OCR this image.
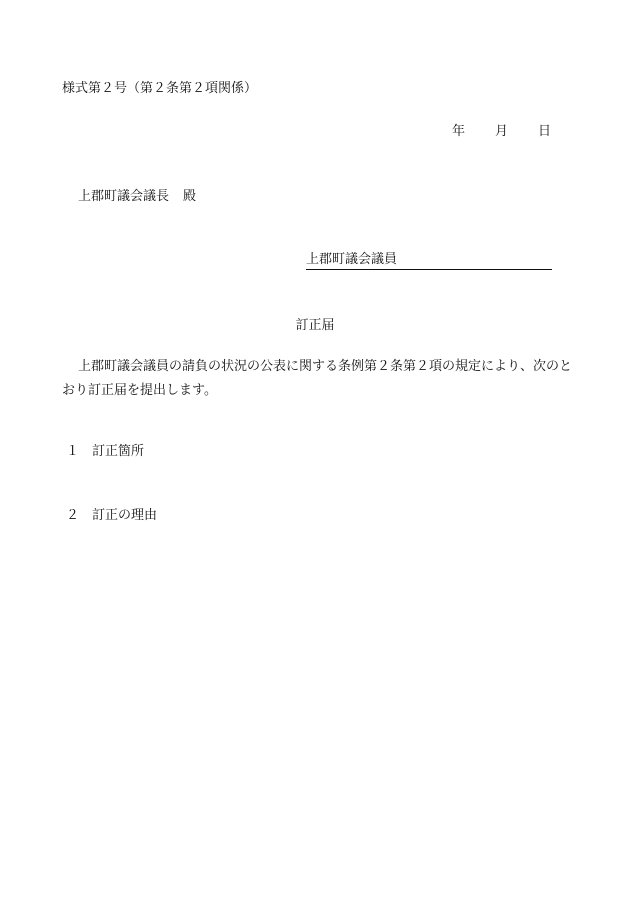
様式第２号（第２条第２項関係）
年 月 日
上郡町議会議長 殿
上郡町議会議員
訂正届
上郡町議会議員の請負の状況の公表に関する条例第２条第２項の規定により、次のとおり訂正届を提出します。
１ 訂正箇所
２ 訂正の理由
